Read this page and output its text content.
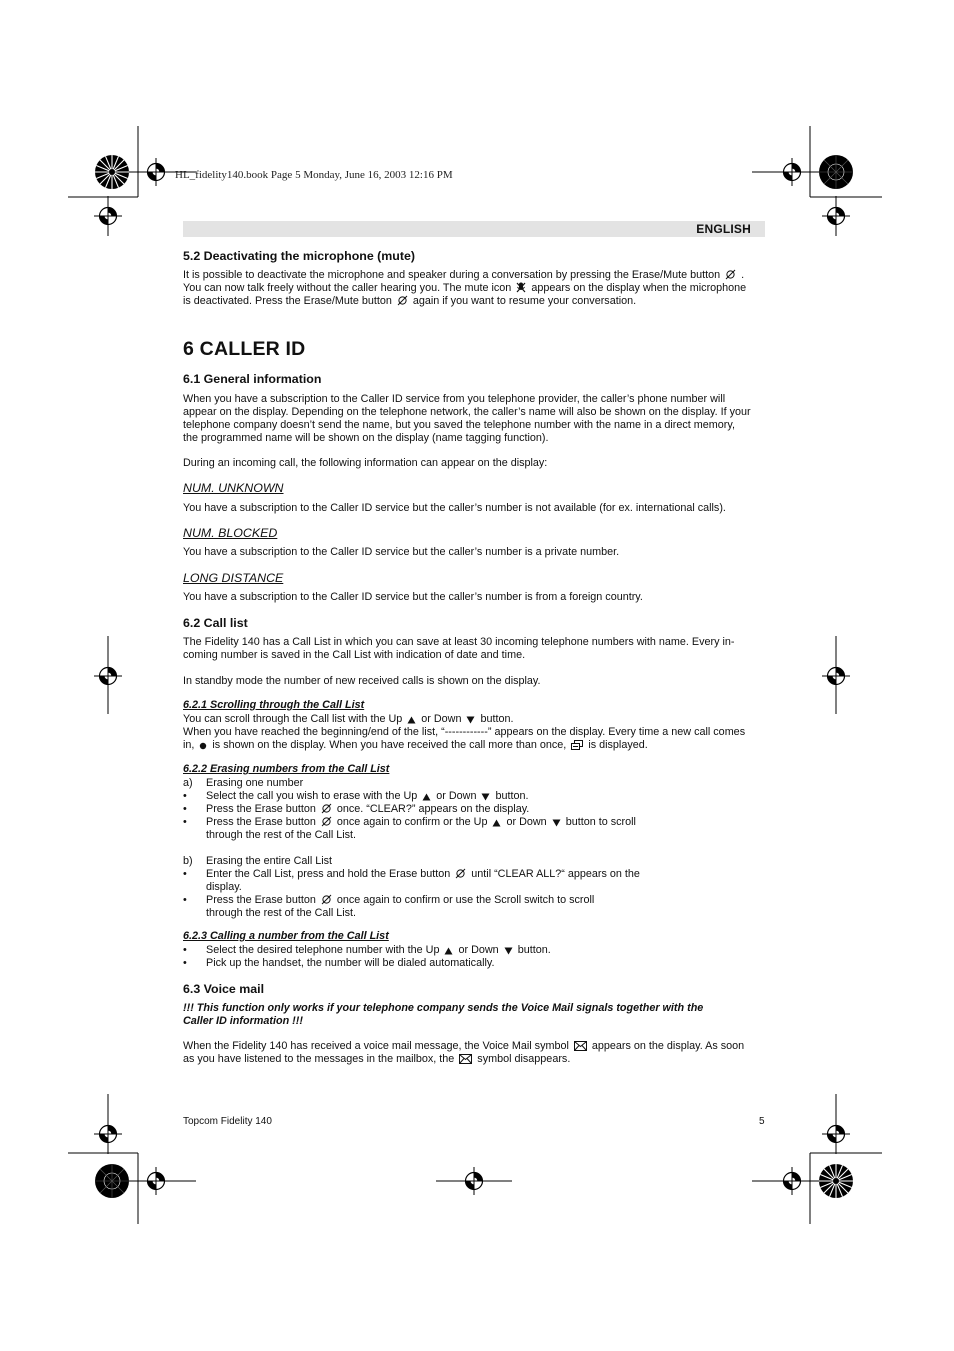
HL_fidelity140.book Page 5 Monday, June 16, 2003 12:16 PM
ENGLISH
5.2 Deactivating the microphone (mute)
It is possible to deactivate the microphone and speaker during a conversation by pressing the Erase/Mute button .
You can now talk freely without the caller hearing you. The mute icon appears on the display when the microphone
is deactivated. Press the Erase/Mute button again if you want to resume your conversation.
6 CALLER ID
6.1 General information
When you have a subscription to the Caller ID service from you telephone provider, the caller’s phone number will
appear on the display. Depending on the telephone network, the caller’s name will also be shown on the display. If your
telephone company doesn’t send the name, but you saved the telephone number with the name in a direct memory,
the programmed name will be shown on the display (name tagging function).
During an incoming call, the following information can appear on the display:
NUM. UNKNOWN
You have a subscription to the Caller ID service but the caller’s number is not available (for ex. international calls).
NUM. BLOCKED
You have a subscription to the Caller ID service but the caller’s number is a private number.
LONG DISTANCE
You have a subscription to the Caller ID service but the caller’s number is from a foreign country.
6.2 Call list
The Fidelity 140 has a Call List in which you can save at least 30 incoming telephone numbers with name. Every in-
coming number is saved in the Call List with indication of date and time.
In standby mode the number of new received calls is shown on the display.
6.2.1 Scrolling through the Call List
You can scroll through the Call list with the Up or Down button.
When you have reached the beginning/end of the list, “------------” appears on the display. Every time a new call comes
in, is shown on the display. When you have received the call more than once, is displayed.
6.2.2 Erasing numbers from the Call List
a) Erasing one number
• Select the call you wish to erase with the Up or Down button.
• Press the Erase button once. “CLEAR?” appears on the display.
• Press the Erase button once again to confirm or the Up or Down button to scroll
through the rest of the Call List.
b) Erasing the entire Call List
• Enter the Call List, press and hold the Erase button until “CLEAR ALL?“ appears on the
display.
• Press the Erase button once again to confirm or use the Scroll switch to scroll
through the rest of the Call List.
6.2.3 Calling a number from the Call List
• Select the desired telephone number with the Up or Down button.
• Pick up the handset, the number will be dialed automatically.
6.3 Voice mail
!!! This function only works if your telephone company sends the Voice Mail signals together with the
Caller ID information !!!
When the Fidelity 140 has received a voice mail message, the Voice Mail symbol appears on the display. As soon
as you have listened to the messages in the mailbox, the symbol disappears.
Topcom Fidelity 140	5
